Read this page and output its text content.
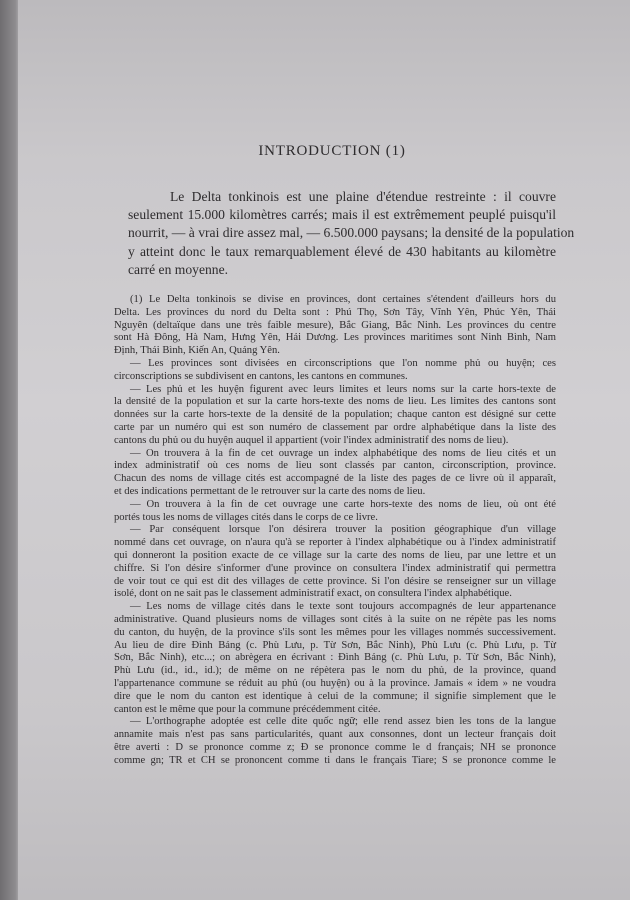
INTRODUCTION (1)
Le Delta tonkinois est une plaine d'étendue restreinte : il couvre
seulement 15.000 kilomètres carrés; mais il est extrêmement peuplé puisqu'il
nourrit, — à vrai dire assez mal, — 6.500.000 paysans; la densité de la population
y atteint donc le taux remarquablement élevé de 430 habitants au kilomètre
carré en moyenne.
(1) Le Delta tonkinois se divise en provinces, dont certaines s'étendent d'ailleurs hors du
Delta. Les provinces du nord du Delta sont : Phú Thọ, Sơn Tây, Vĩnh Yên, Phúc Yên, Thái
Nguyên (deltaïque dans une très faible mesure), Bắc Giang, Bắc Ninh. Les provinces du centre
sont Hà Đông, Hà Nam, Hưng Yên, Hải Dương. Les provinces maritimes sont Ninh Bình, Nam
Định, Thái Bình, Kiến An, Quảng Yên.
— Les provinces sont divisées en circonscriptions que l'on nomme phủ ou huyện; ces
circonscriptions se subdivisent en cantons, les cantons en communes.
— Les phủ et les huyện figurent avec leurs limites et leurs noms sur la carte hors-texte de
la densité de la population et sur la carte hors-texte des noms de lieu. Les limites des cantons sont
données sur la carte hors-texte de la densité de la population; chaque canton est désigné sur cette
carte par un numéro qui est son numéro de classement par ordre alphabétique dans la liste des
cantons du phủ ou du huyện auquel il appartient (voir l'index administratif des noms de lieu).
— On trouvera à la fin de cet ouvrage un index alphabétique des noms de lieu cités et un
index administratif où ces noms de lieu sont classés par canton, circonscription, province.
Chacun des noms de village cités est accompagné de la liste des pages de ce livre où il apparaît,
et des indications permettant de le retrouver sur la carte des noms de lieu.
— On trouvera à la fin de cet ouvrage une carte hors-texte des noms de lieu, où ont été
portés tous les noms de villages cités dans le corps de ce livre.
— Par conséquent lorsque l'on désirera trouver la position géographique d'un village
nommé dans cet ouvrage, on n'aura qu'à se reporter à l'index alphabétique ou à l'index administratif
qui donneront la position exacte de ce village sur la carte des noms de lieu, par une lettre et un
chiffre. Si l'on désire s'informer d'une province on consultera l'index administratif qui permettra
de voir tout ce qui est dit des villages de cette province. Si l'on désire se renseigner sur un village
isolé, dont on ne sait pas le classement administratif exact, on consultera l'index alphabétique.
— Les noms de village cités dans le texte sont toujours accompagnés de leur appartenance
administrative. Quand plusieurs noms de villages sont cités à la suite on ne répète pas les noms
du canton, du huyện, de la province s'ils sont les mêmes pour les villages nommés successivement.
Au lieu de dire Đình Bảng (c. Phù Lưu, p. Từ Sơn, Bắc Ninh), Phù Lưu (c. Phù Lưu, p. Từ
Sơn, Bắc Ninh), etc...; on abrègera en écrivant : Đình Bảng (c. Phù Lưu, p. Từ Sơn, Bắc Ninh),
Phù Lưu (id., id., id.); de même on ne répètera pas le nom du phủ, de la province, quand
l'appartenance commune se réduit au phủ (ou huyện) ou à la province. Jamais « idem » ne voudra
dire que le nom du canton est identique à celui de la commune; il signifie simplement que le
canton est le même que pour la commune précédemment citée.
— L'orthographe adoptée est celle dite quốc ngữ; elle rend assez bien les tons de la langue
annamite mais n'est pas sans particularités, quant aux consonnes, dont un lecteur français doit
être averti : D se prononce comme z; Đ se prononce comme le d français; NH se prononce
comme gn; TR et CH se prononcent comme ti dans le français Tiare; S se prononce comme le
